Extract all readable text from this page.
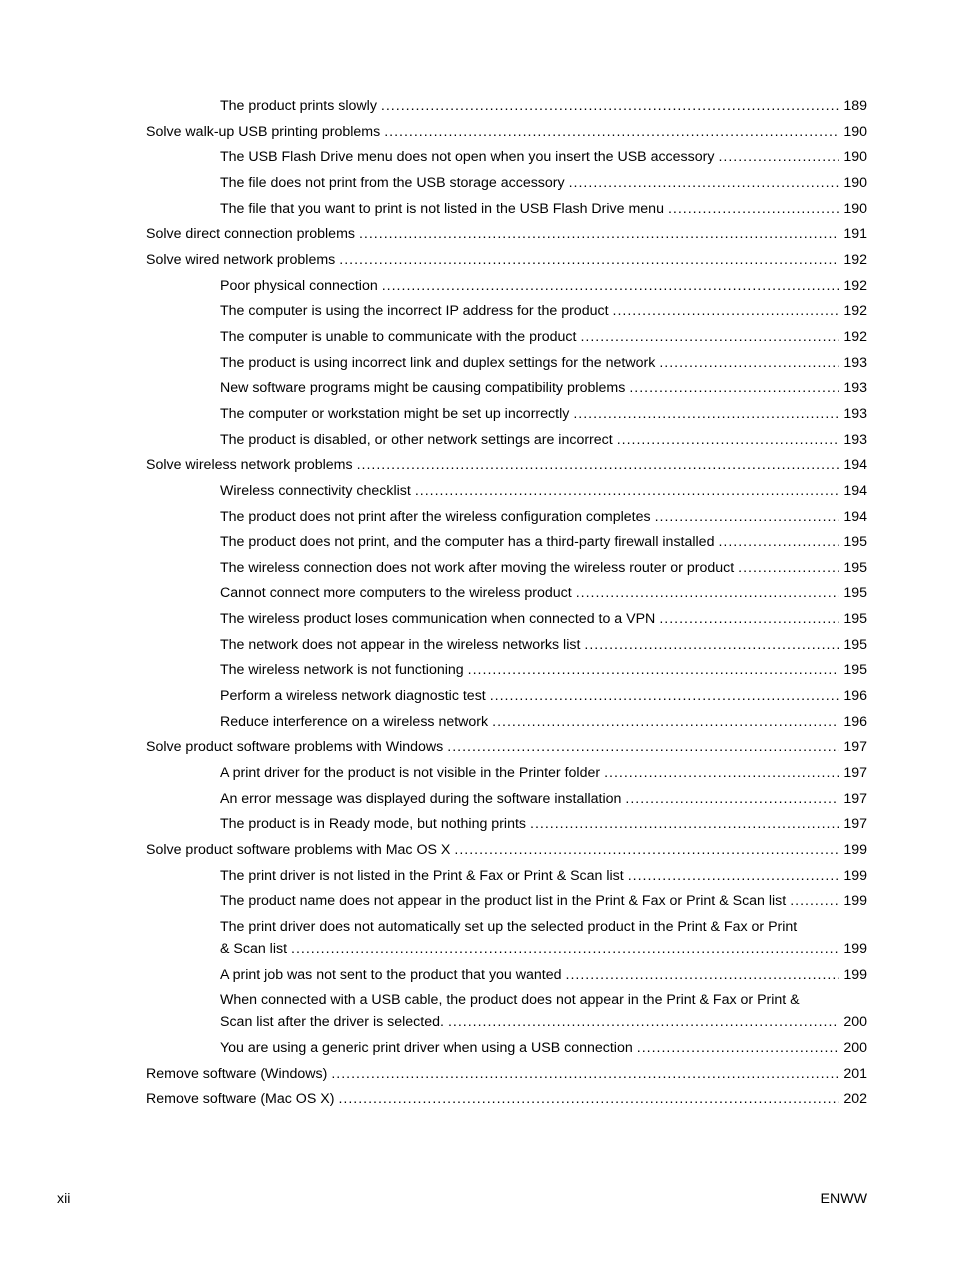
The product prints slowly .....	189
Solve walk-up USB printing problems .....	190
The USB Flash Drive menu does not open when you insert the USB accessory .....	190
The file does not print from the USB storage accessory .....	190
The file that you want to print is not listed in the USB Flash Drive menu .....	190
Solve direct connection problems .....	191
Solve wired network problems .....	192
Poor physical connection .....	192
The computer is using the incorrect IP address for the product .....	192
The computer is unable to communicate with the product .....	192
The product is using incorrect link and duplex settings for the network .....	193
New software programs might be causing compatibility problems .....	193
The computer or workstation might be set up incorrectly .....	193
The product is disabled, or other network settings are incorrect .....	193
Solve wireless network problems .....	194
Wireless connectivity checklist .....	194
The product does not print after the wireless configuration completes .....	194
The product does not print, and the computer has a third-party firewall installed .....	195
The wireless connection does not work after moving the wireless router or product .....	195
Cannot connect more computers to the wireless product .....	195
The wireless product loses communication when connected to a VPN .....	195
The network does not appear in the wireless networks list .....	195
The wireless network is not functioning .....	195
Perform a wireless network diagnostic test .....	196
Reduce interference on a wireless network .....	196
Solve product software problems with Windows .....	197
A print driver for the product is not visible in the Printer folder .....	197
An error message was displayed during the software installation .....	197
The product is in Ready mode, but nothing prints .....	197
Solve product software problems with Mac OS X .....	199
The print driver is not listed in the Print & Fax or Print & Scan list .....	199
The product name does not appear in the product list in the Print & Fax or Print & Scan list .....	199
The print driver does not automatically set up the selected product in the Print & Fax or Print
& Scan list .....	199
A print job was not sent to the product that you wanted .....	199
When connected with a USB cable, the product does not appear in the Print & Fax or Print &
Scan list after the driver is selected. .....	200
You are using a generic print driver when using a USB connection .....	200
Remove software (Windows) .....	201
Remove software (Mac OS X) .....	202
xii	ENWW
